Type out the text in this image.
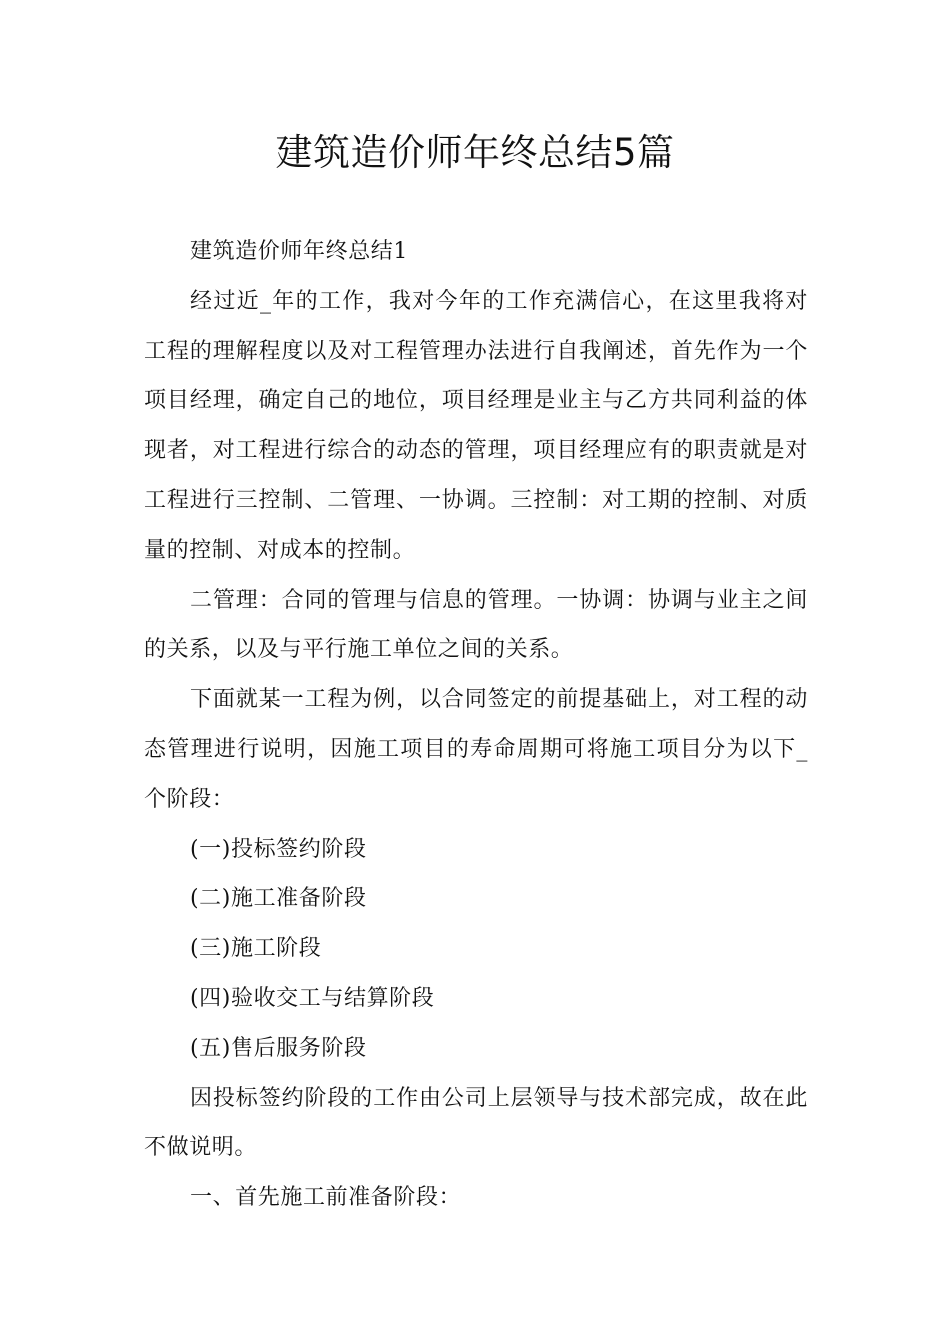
建筑造价师年终总结5篇

建筑造价师年终总结1

经过近_年的工作，我对今年的工作充满信心，在这里我将对工程的理解程度以及对工程管理办法进行自我阐述，首先作为一个项目经理，确定自己的地位，项目经理是业主与乙方共同利益的体现者，对工程进行综合的动态的管理，项目经理应有的职责就是对工程进行三控制、二管理、一协调。三控制：对工期的控制、对质量的控制、对成本的控制。

二管理：合同的管理与信息的管理。一协调：协调与业主之间的关系，以及与平行施工单位之间的关系。

下面就某一工程为例，以合同签定的前提基础上，对工程的动态管理进行说明，因施工项目的寿命周期可将施工项目分为以下_个阶段：

(一)投标签约阶段

(二)施工准备阶段

(三)施工阶段

(四)验收交工与结算阶段

(五)售后服务阶段

因投标签约阶段的工作由公司上层领导与技术部完成，故在此不做说明。

一、首先施工前准备阶段：
